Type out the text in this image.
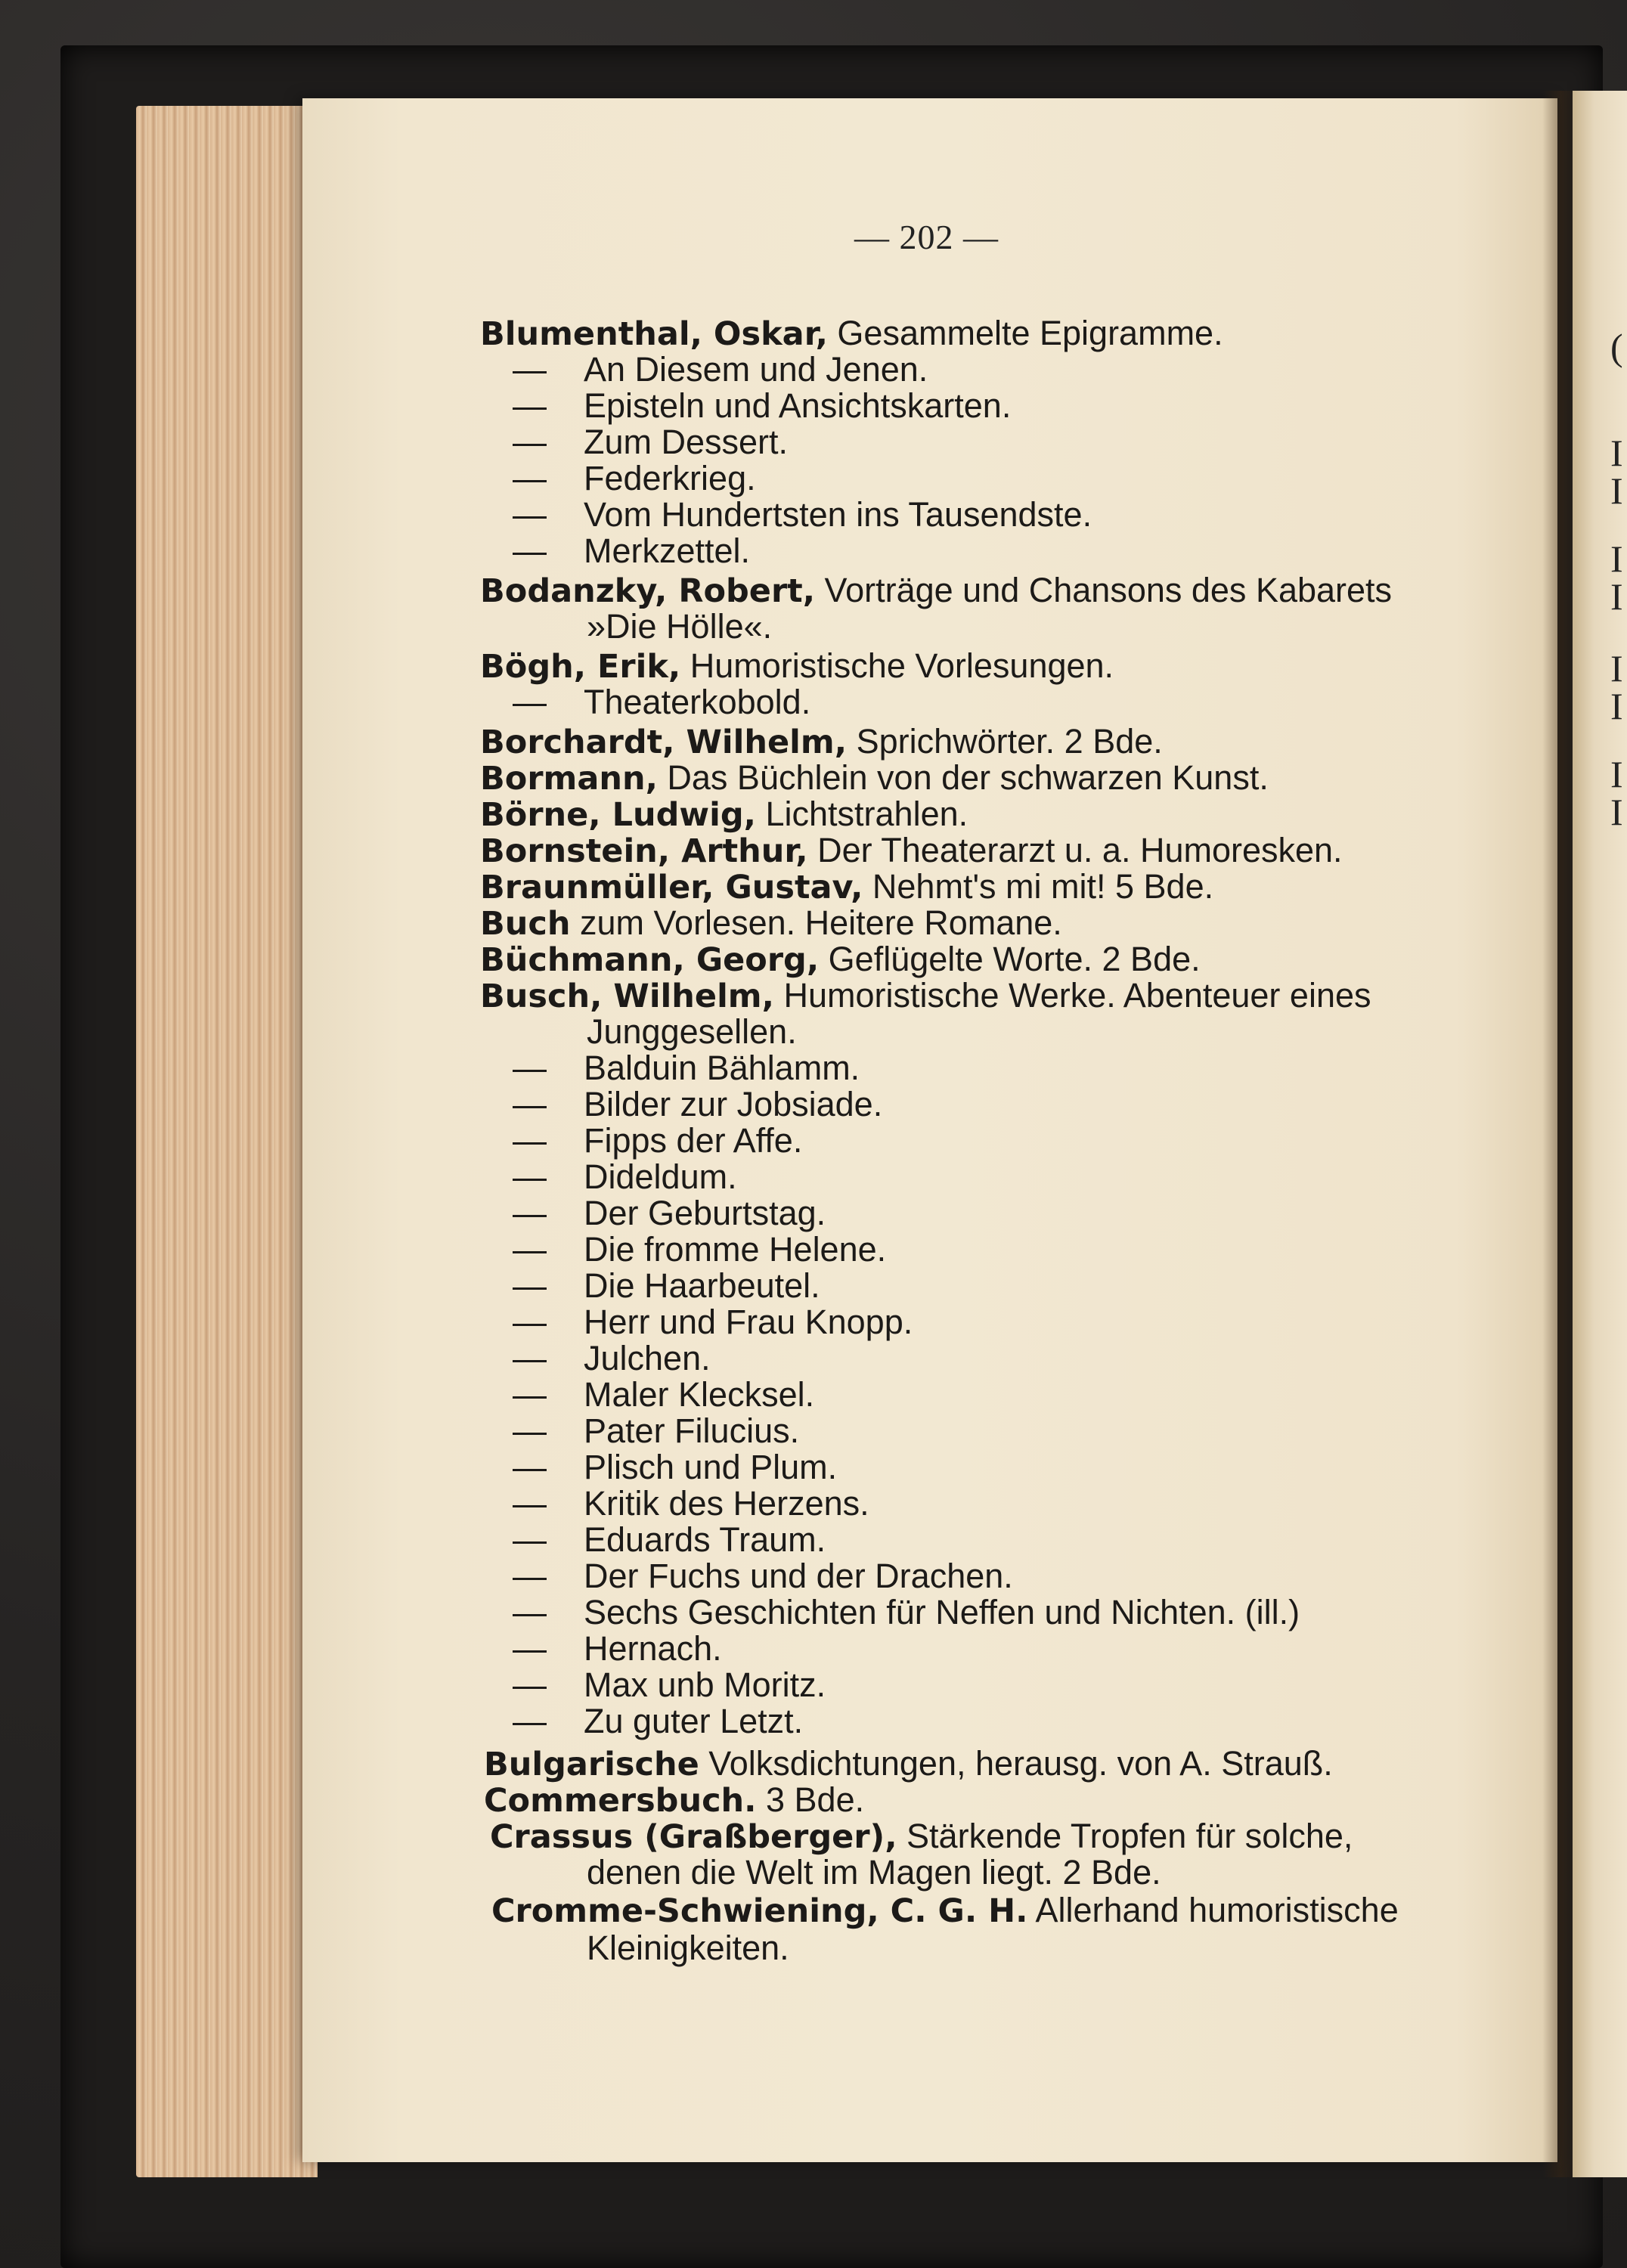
(
I
I
I
I
I
I
I
I
— 202 —
Blumenthal, Oskar, Gesammelte Epigramme.
— An Diesem und Jenen.
— Episteln und Ansichtskarten.
— Zum Dessert.
— Federkrieg.
— Vom Hundertsten ins Tausendste.
— Merkzettel.
Bodanzky, Robert, Vorträge und Chansons des Kabarets
»Die Hölle«.
Bögh, Erik, Humoristische Vorlesungen.
— Theaterkobold.
Borchardt, Wilhelm, Sprichwörter. 2 Bde.
Bormann, Das Büchlein von der schwarzen Kunst.
Börne, Ludwig, Lichtstrahlen.
Bornstein, Arthur, Der Theaterarzt u. a. Humoresken.
Braunmüller, Gustav, Nehmt's mi mit! 5 Bde.
Buch zum Vorlesen. Heitere Romane.
Büchmann, Georg, Geflügelte Worte. 2 Bde.
Busch, Wilhelm, Humoristische Werke. Abenteuer eines
Junggesellen.
— Balduin Bählamm.
— Bilder zur Jobsiade.
— Fipps der Affe.
— Dideldum.
— Der Geburtstag.
— Die fromme Helene.
— Die Haarbeutel.
— Herr und Frau Knopp.
— Julchen.
— Maler Klecksel.
— Pater Filucius.
— Plisch und Plum.
— Kritik des Herzens.
— Eduards Traum.
— Der Fuchs und der Drachen.
— Sechs Geschichten für Neffen und Nichten. (ill.)
— Hernach.
— Max unb Moritz.
— Zu guter Letzt.
Bulgarische Volksdichtungen, herausg. von A. Strauß.
Commersbuch. 3 Bde.
Crassus (Graßberger), Stärkende Tropfen für solche,
denen die Welt im Magen liegt. 2 Bde.
Cromme-Schwiening, C. G. H. Allerhand humoristische
Kleinigkeiten.
